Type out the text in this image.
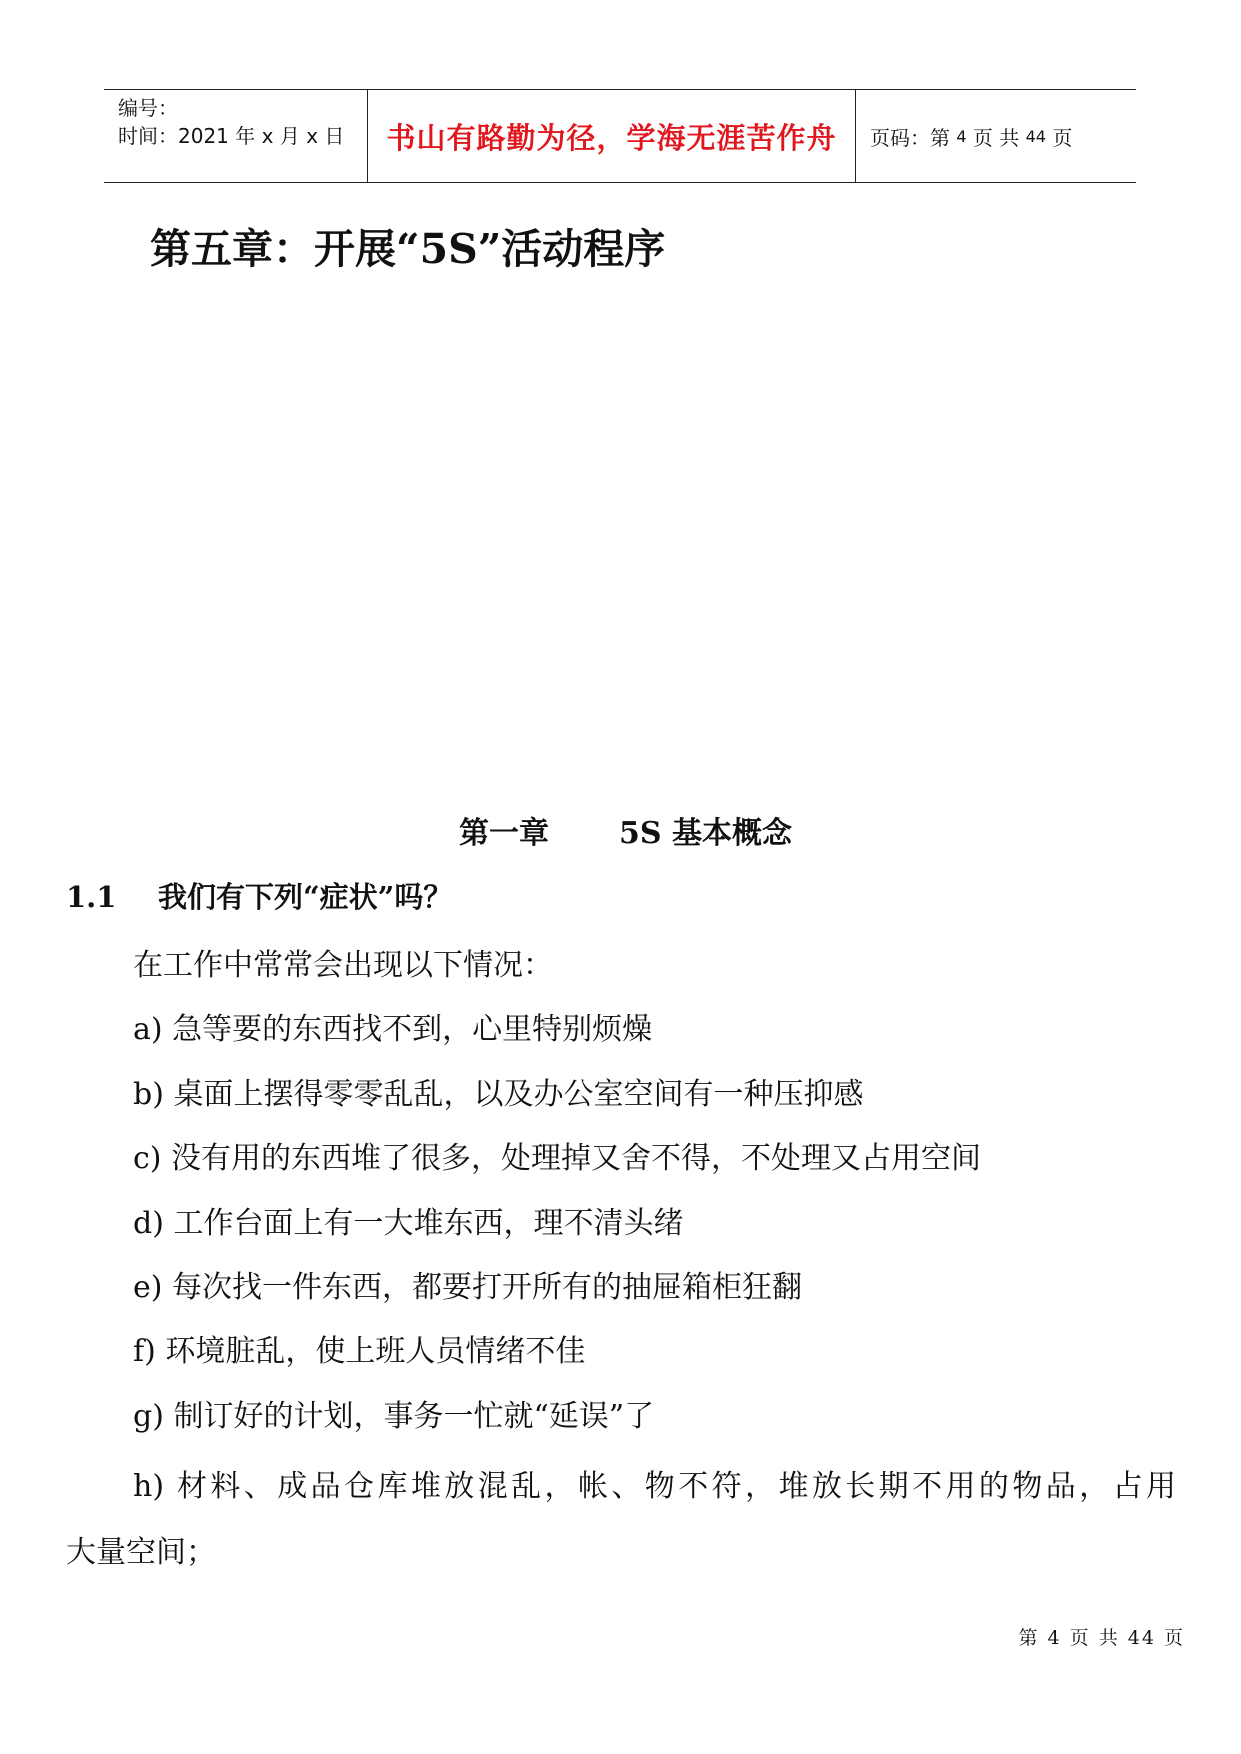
编号：
时间：2021 年 x 月 x 日	书山有路勤为径，学海无涯苦作舟	页码：第
4
页 共
44
页
第五章：开展“5S”活动程序
第一章 5S 基本概念
1.1 我们有下列“症状”吗？

在工作中常常会出现以下情况：

a) 急等要的东西找不到，心里特别烦燥

b) 桌面上摆得零零乱乱，以及办公室空间有一种压抑感

c) 没有用的东西堆了很多，处理掉又舍不得，不处理又占用空间

d) 工作台面上有一大堆东西，理不清头绪

e) 每次找一件东西，都要打开所有的抽屉箱柜狂翻

f) 环境脏乱，使上班人员情绪不佳

g) 制订好的计划，事务一忙就“延误”了

h) 材料、成品仓库堆放混乱，帐、物不符，堆放长期不用的物品，占用
大量空间；
第 4 页 共 44 页
